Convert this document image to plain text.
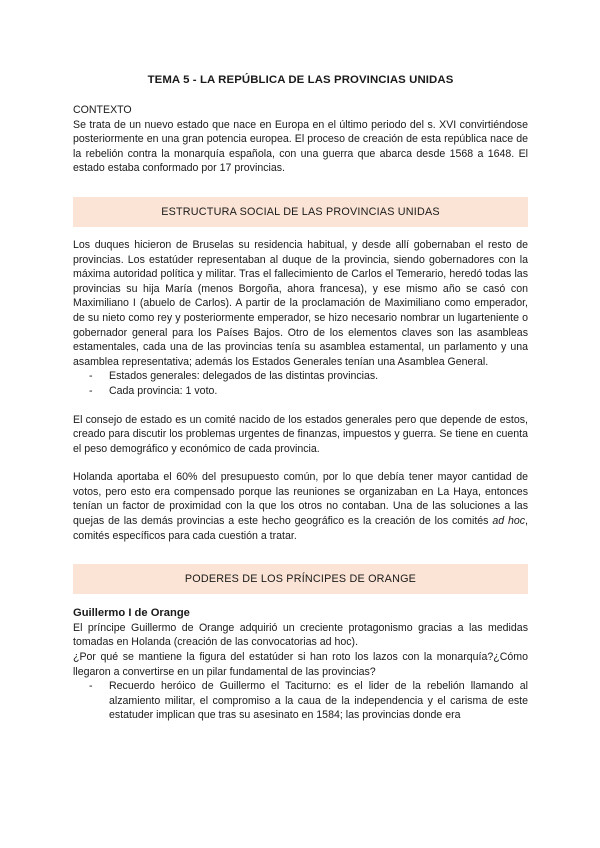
TEMA 5 - LA REPÚBLICA DE LAS PROVINCIAS UNIDAS

CONTEXTO

Se trata de un nuevo estado que nace en Europa en el último periodo del s. XVI convirtiéndose posteriormente en una gran potencia europea. El proceso de creación de esta república nace de la rebelión contra la monarquía española, con una guerra que abarca desde 1568 a 1648. El estado estaba conformado por 17 provincias.

ESTRUCTURA SOCIAL DE LAS PROVINCIAS UNIDAS

Los duques hicieron de Bruselas su residencia habitual, y desde allí gobernaban el resto de provincias. Los estatúder representaban al duque de la provincia, siendo gobernadores con la máxima autoridad política y militar. Tras el fallecimiento de Carlos el Temerario, heredó todas las provincias su hija María (menos Borgoña, ahora francesa), y ese mismo año se casó con Maximiliano I (abuelo de Carlos). A partir de la proclamación de Maximiliano como emperador, de su nieto como rey y posteriormente emperador, se hizo necesario nombrar un lugarteniente o gobernador general para los Países Bajos. Otro de los elementos claves son las asambleas estamentales, cada una de las provincias tenía su asamblea estamental, un parlamento y una asamblea representativa; además los Estados Generales tenían una Asamblea General.

- Estados generales: delegados de las distintas provincias.
- Cada provincia: 1 voto.

El consejo de estado es un comité nacido de los estados generales pero que depende de estos, creado para discutir los problemas urgentes de finanzas, impuestos y guerra. Se tiene en cuenta el peso demográfico y económico de cada provincia.

Holanda aportaba el 60% del presupuesto común, por lo que debía tener mayor cantidad de votos, pero esto era compensado porque las reuniones se organizaban en La Haya, entonces tenían un factor de proximidad con la que los otros no contaban. Una de las soluciones a las quejas de las demás provincias a este hecho geográfico es la creación de los comités ad hoc, comités específicos para cada cuestión a tratar.

PODERES DE LOS PRÍNCIPES DE ORANGE

Guillermo I de Orange

El príncipe Guillermo de Orange adquirió un creciente protagonismo gracias a las medidas tomadas en Holanda (creación de las convocatorias ad hoc).

¿Por qué se mantiene la figura del estatúder si han roto los lazos con la monarquía?¿Cómo llegaron a convertirse en un pilar fundamental de las provincias?

- Recuerdo heróico de Guillermo el Taciturno: es el lider de la rebelión llamando al alzamiento militar, el compromiso a la caua de la independencia y el carisma de este estatuder implican que tras su asesinato en 1584; las provincias donde era
